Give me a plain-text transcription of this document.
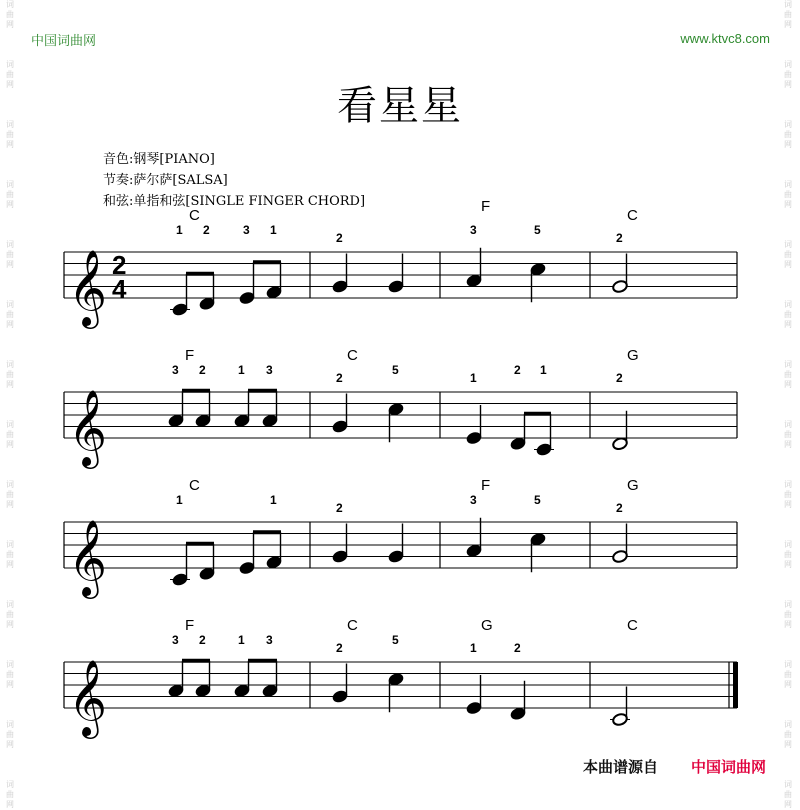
中国词曲网	www.ktvc8.com
看星星
音色:钢琴[PIANO]
节奏:萨尔萨[SALSA]
和弦:单指和弦[SINGLE FINGER CHORD]
词
曲
网
词
曲
网
词
曲
网
词
曲
网
词
曲
网
词
曲
网
词
曲
网
词
曲
网
词
曲
网
词
曲
网
词
曲
网
词
曲
网
词
曲
网
词
曲
网
词
曲
网
词
曲
网
词
曲
网
词
曲
网
词
曲
网
词
曲
网
词
曲
网
词
曲
网
词
曲
网
词
曲
网
词
曲
网
词
曲
网
词
曲
网
词
曲
网
𝄞 2
4
C
1 2	3 1
2
F
3	5
C
2
𝄞
F
3 2	1 3
C
2
5
1
2 1
G
2
𝄞
C
1	1
2
F
3	5
G
2
𝄞
F
3 2	1 3
C
2
5
G
1	2
C
本曲谱源自 中国词曲网
